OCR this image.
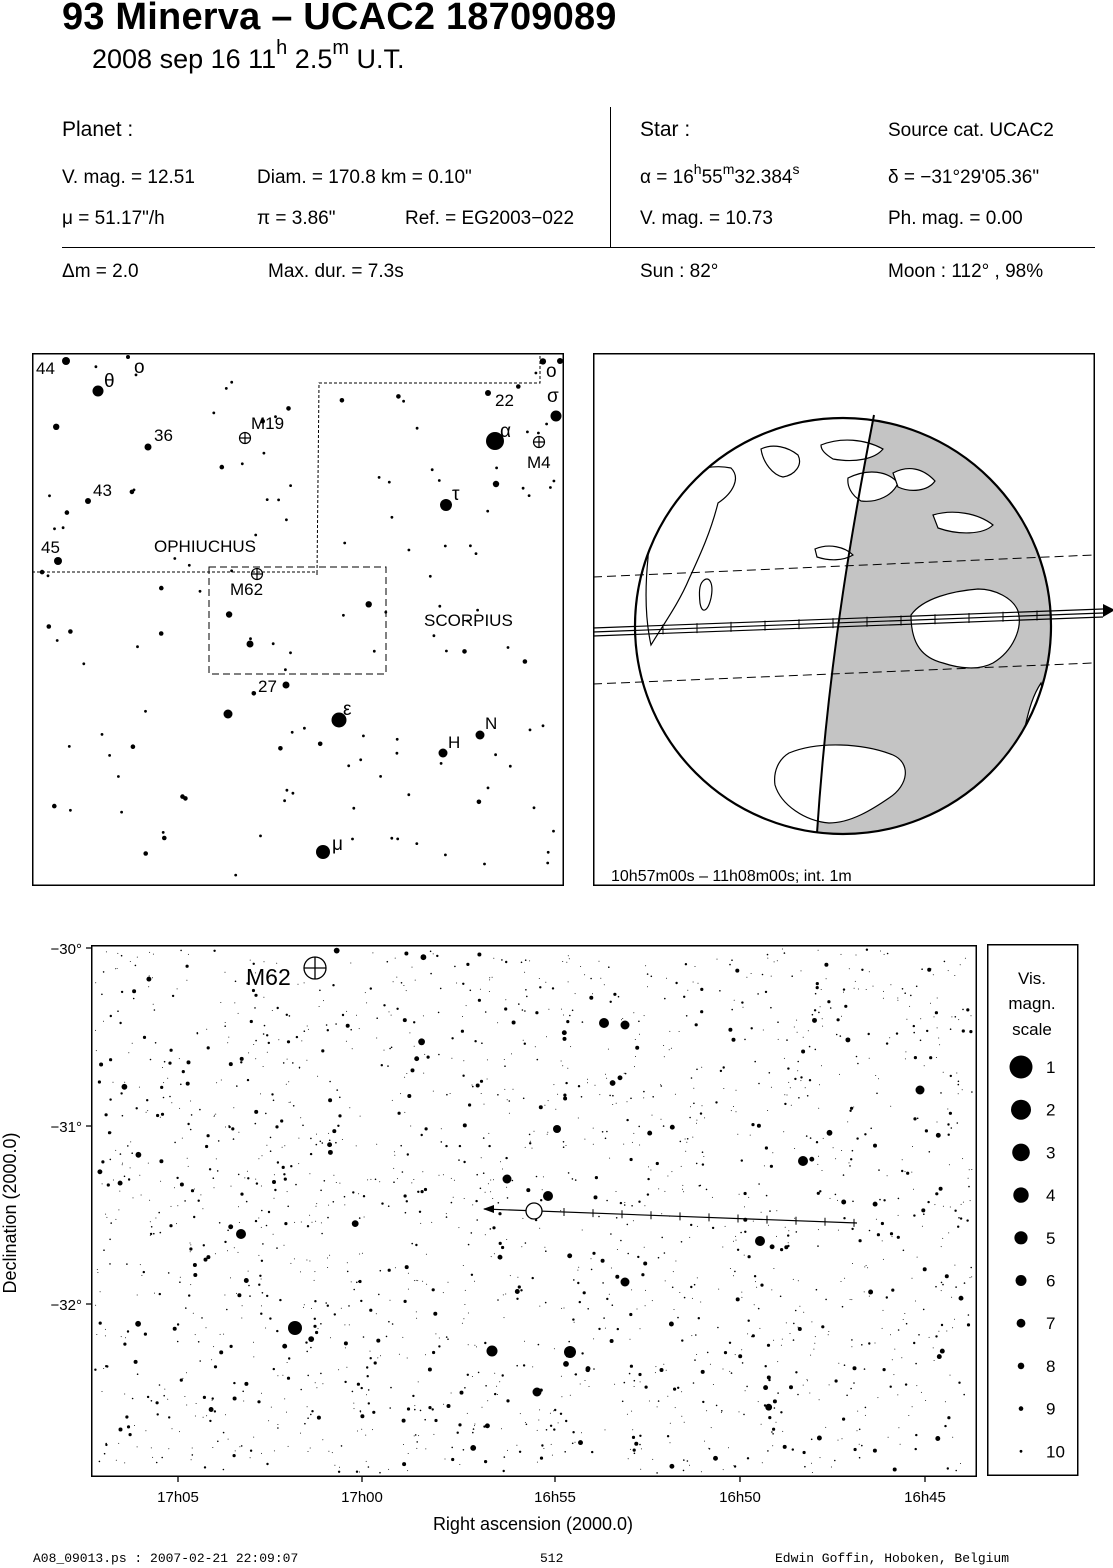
93 Minerva – UCAC2 18709089
2008 sep 16 11$^h$ 2.5$^m$ U.T.
Planet :
V. mag. = 12.51	Diam. = 170.8 km = 0.10"
μ = 51.17"/h	π = 3.86"	Ref. = EG2003−022
Star :	Source cat. UCAC2
$\alpha = 16^h55^m32.384^s$	δ = −31°29'05.36"
V. mag. = 10.73	Ph. mag. = 0.00
Δm = 2.0	Max. dur. = 7.3s	Sun : 82°	Moon : 112° , 98%
44
θ
ο	ο
σ
22
M19
36	α
M4
43	τ
45	OPHIUCHUS
M62
SCORPIUS
27
ε
N
H
μ
10h57m00s – 11h08m00s; int. 1m
−30°
−31°
−32°
17h05	17h00	16h55	16h50	16h45
Right ascension (2000.0)
Declination (2000.0)
M62	Vis.
magn.
scale
1
2
3
4
5
6
7
8
9
10
A08_09013.ps : 2007-02-21 22:09:07	512	Edwin Goffin, Hoboken, Belgium
